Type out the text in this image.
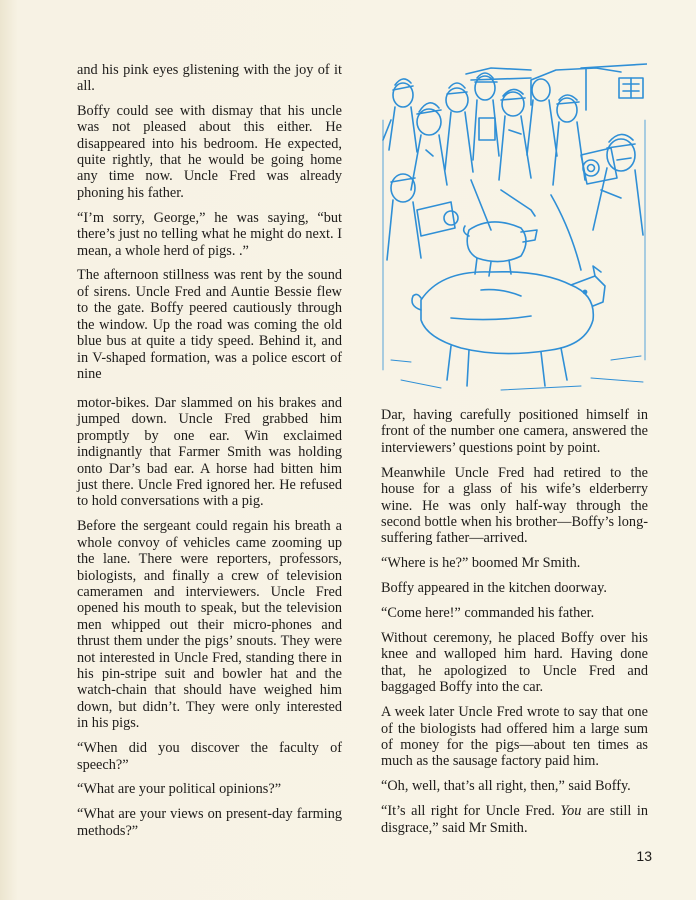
and his pink eyes glistening with the joy of it all.

Boffy could see with dismay that his uncle was not pleased about this either. He disappeared into his bedroom. He expected, quite rightly, that he would be going home any time now. Uncle Fred was already phoning his father.

“I’m sorry, George,” he was saying, “but there’s just no telling what he might do next. I mean, a whole herd of pigs. .”

The afternoon stillness was rent by the sound of sirens. Uncle Fred and Auntie Bessie flew to the gate. Boffy peered cautiously through the window. Up the road was coming the old blue bus at quite a tidy speed. Behind it, and in V-shaped formation, was a police escort of nine

motor-bikes. Dar slammed on his brakes and jumped down. Uncle Fred grabbed him promptly by one ear. Win exclaimed indignantly that Farmer Smith was holding onto Dar’s bad ear. A horse had bitten him just there. Uncle Fred ignored her. He refused to hold conversations with a pig.

Before the sergeant could regain his breath a whole convoy of vehicles came zooming up the lane. There were reporters, professors, biologists, and finally a crew of television cameramen and interviewers. Uncle Fred opened his mouth to speak, but the television men whipped out their micro-phones and thrust them under the pigs’ snouts. They were not interested in Uncle Fred, standing there in his pin-stripe suit and bowler hat and the watch-chain that should have weighed him down, but didn’t. They were only interested in his pigs.

“When did you discover the faculty of speech?”

“What are your political opinions?”

“What are your views on present-day farming methods?”

Dar, having carefully positioned himself in front of the number one camera, answered the interviewers’ questions point by point.

Meanwhile Uncle Fred had retired to the house for a glass of his wife’s elderberry wine. He was only half-way through the second bottle when his brother—Boffy’s long-suffering father—arrived.

“Where is he?” boomed Mr Smith.

Boffy appeared in the kitchen doorway.

“Come here!” commanded his father.

Without ceremony, he placed Boffy over his knee and walloped him hard. Having done that, he apologized to Uncle Fred and baggaged Boffy into the car.

A week later Uncle Fred wrote to say that one of the biologists had offered him a large sum of money for the pigs—about ten times as much as the sausage factory paid him.

“Oh, well, that’s all right, then,” said Boffy.

“It’s all right for Uncle Fred. You are still in disgrace,” said Mr Smith.

13
